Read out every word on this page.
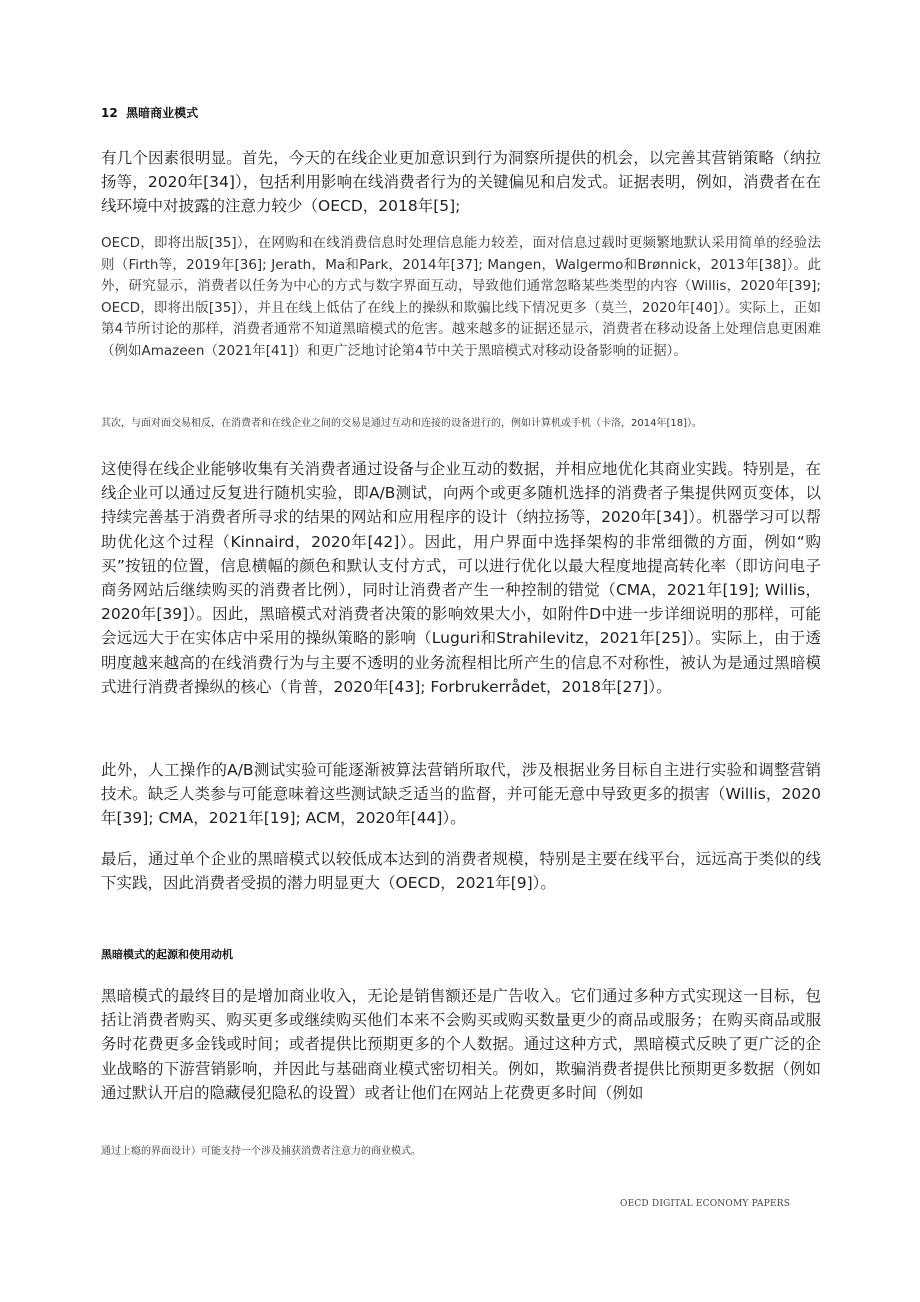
12 黑暗商业模式

有几个因素很明显。首先，今天的在线企业更加意识到行为洞察所提供的机会，以完善其营销策略（纳拉扬等，2020年[34]），包括利用影响在线消费者行为的关键偏见和启发式。证据表明，例如，消费者在在线环境中对披露的注意力较少（OECD，2018年[5];

OECD，即将出版[35]），在网购和在线消费信息时处理信息能力较差，面对信息过载时更频繁地默认采用简单的经验法则（Firth等，2019年[36]; Jerath，Ma和Park，2014年[37]; Mangen，Walgermo和Brønnick，2013年[38]）。此外，研究显示，消费者以任务为中心的方式与数字界面互动，导致他们通常忽略某些类型的内容（Willis，2020年[39]; OECD，即将出版[35]），并且在线上低估了在线上的操纵和欺骗比线下情况更多（莫兰，2020年[40]）。实际上，正如第4节所讨论的那样，消费者通常不知道黑暗模式的危害。越来越多的证据还显示，消费者在移动设备上处理信息更困难（例如Amazeen（2021年[41]）和更广泛地讨论第4节中关于黑暗模式对移动设备影响的证据）。

其次，与面对面交易相反，在消费者和在线企业之间的交易是通过互动和连接的设备进行的，例如计算机或手机（卡洛，2014年[18]）。

这使得在线企业能够收集有关消费者通过设备与企业互动的数据，并相应地优化其商业实践。特别是，在线企业可以通过反复进行随机实验，即A/B测试，向两个或更多随机选择的消费者子集提供网页变体，以持续完善基于消费者所寻求的结果的网站和应用程序的设计（纳拉扬等，2020年[34]）。机器学习可以帮助优化这个过程（Kinnaird，2020年[42]）。因此，用户界面中选择架构的非常细微的方面，例如“购买”按钮的位置，信息横幅的颜色和默认支付方式，可以进行优化以最大程度地提高转化率（即访问电子商务网站后继续购买的消费者比例），同时让消费者产生一种控制的错觉（CMA，2021年[19]; Willis，2020年[39]）。因此，黑暗模式对消费者决策的影响效果大小，如附件D中进一步详细说明的那样，可能会远远大于在实体店中采用的操纵策略的影响（Luguri和Strahilevitz，2021年[25]）。实际上，由于透明度越来越高的在线消费行为与主要不透明的业务流程相比所产生的信息不对称性，被认为是通过黑暗模式进行消费者操纵的核心（肯普，2020年[43]; Forbrukerrådet，2018年[27]）。

此外，人工操作的A/B测试实验可能逐渐被算法营销所取代，涉及根据业务目标自主进行实验和调整营销技术。缺乏人类参与可能意味着这些测试缺乏适当的监督，并可能无意中导致更多的损害（Willis，2020年[39]; CMA，2021年[19]; ACM，2020年[44]）。

最后，通过单个企业的黑暗模式以较低成本达到的消费者规模，特别是主要在线平台，远远高于类似的线下实践，因此消费者受损的潜力明显更大（OECD，2021年[9]）。

黑暗模式的起源和使用动机

黑暗模式的最终目的是增加商业收入，无论是销售额还是广告收入。它们通过多种方式实现这一目标，包括让消费者购买、购买更多或继续购买他们本来不会购买或购买数量更少的商品或服务；在购买商品或服务时花费更多金钱或时间；或者提供比预期更多的个人数据。通过这种方式，黑暗模式反映了更广泛的企业战略的下游营销影响，并因此与基础商业模式密切相关。例如，欺骗消费者提供比预期更多数据（例如通过默认开启的隐藏侵犯隐私的设置）或者让他们在网站上花费更多时间（例如

通过上瘾的界面设计）可能支持一个涉及捕获消费者注意力的商业模式。

OECD DIGITAL ECONOMY PAPERS
